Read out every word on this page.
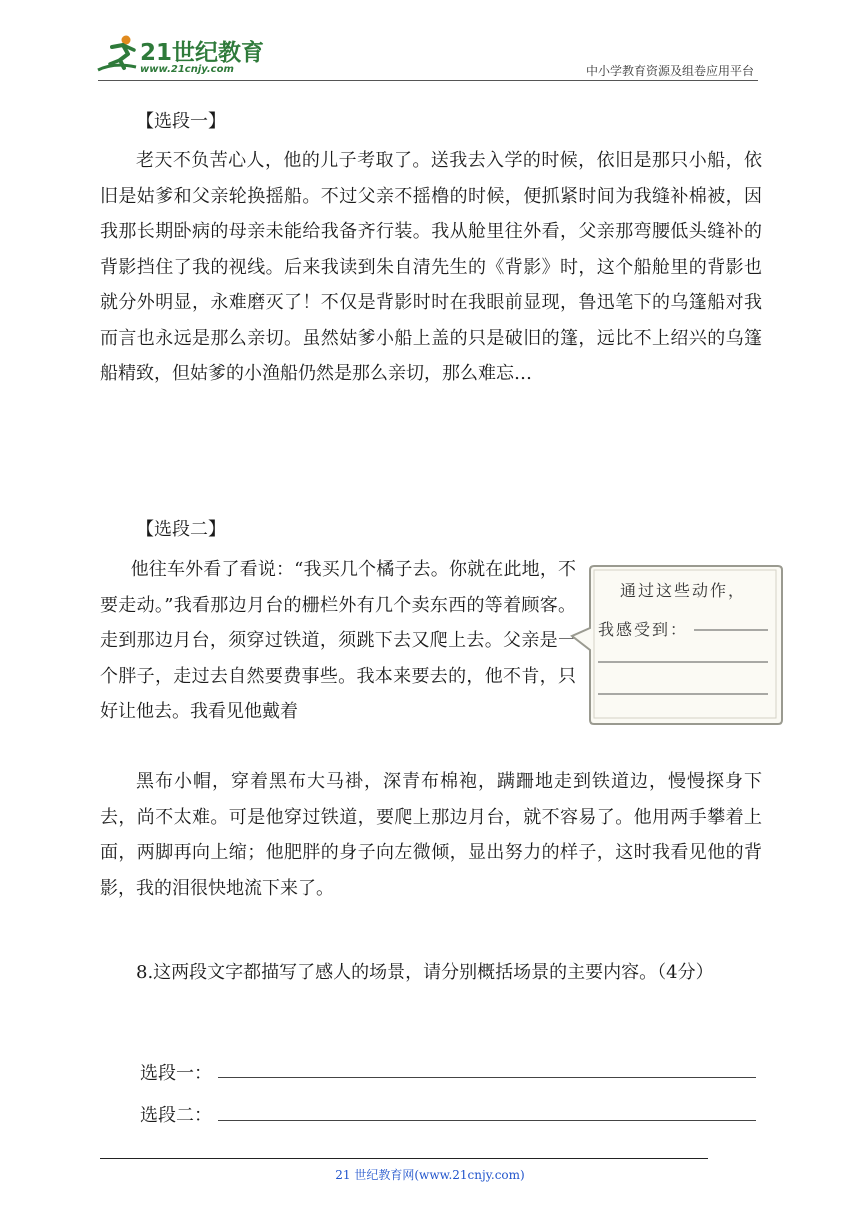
21世纪教育
www.21cnjy.com	中小学教育资源及组卷应用平台
【选段一】

老天不负苦心人，他的儿子考取了。送我去入学的时候，依旧是那只小船，依旧是姑爹和父亲轮换摇船。不过父亲不摇橹的时候，便抓紧时间为我缝补棉被，因我那长期卧病的母亲未能给我备齐行装。我从舱里往外看，父亲那弯腰低头缝补的背影挡住了我的视线。后来我读到朱自清先生的《背影》时，这个船舱里的背影也就分外明显，永难磨灭了！不仅是背影时时在我眼前显现，鲁迅笔下的乌篷船对我而言也永远是那么亲切。虽然姑爹小船上盖的只是破旧的篷，远比不上绍兴的乌篷船精致，但姑爹的小渔船仍然是那么亲切，那么难忘…

【选段二】

他往车外看了看说：“我买几个橘子去。你就在此地，不要走动。”我看那边月台的栅栏外有几个卖东西的等着顾客。走到那边月台，须穿过铁道，须跳下去又爬上去。父亲是一个胖子，走过去自然要费事些。我本来要去的，他不肯，只好让他去。我看见他戴着

通过这些动作，
我感受到：

黑布小帽，穿着黑布大马褂，深青布棉袍，蹒跚地走到铁道边，慢慢探身下去，尚不太难。可是他穿过铁道，要爬上那边月台，就不容易了。他用两手攀着上面，两脚再向上缩；他肥胖的身子向左微倾，显出努力的样子，这时我看见他的背影，我的泪很快地流下来了。

8.这两段文字都描写了感人的场景，请分别概括场景的主要内容。（4分）

选段一：
选段二：
21 世纪教育网(www.21cnjy.com)
